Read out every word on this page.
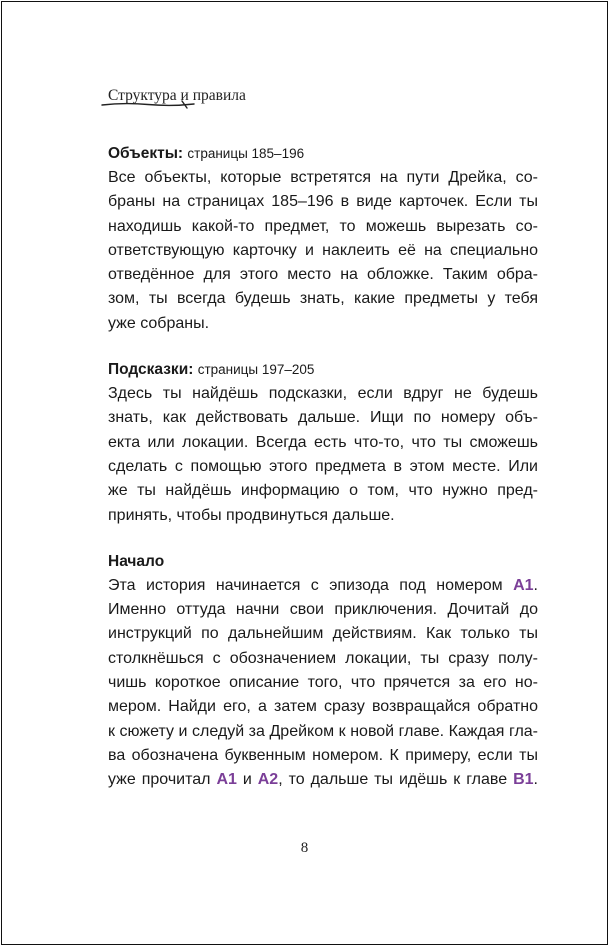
Структура и правила

Объекты: страницы 185–196

Все объекты, которые встретятся на пути Дрейка, со-
браны на страницах 185–196 в виде карточек. Если ты
находишь какой-то предмет, то можешь вырезать со-
ответствующую карточку и наклеить её на специально
отведённое для этого место на обложке. Таким обра-
зом, ты всегда будешь знать, какие предметы у тебя
уже собраны.

Подсказки: страницы 197–205

Здесь ты найдёшь подсказки, если вдруг не будешь
знать, как действовать дальше. Ищи по номеру объ-
екта или локации. Всегда есть что-то, что ты сможешь
сделать с помощью этого предмета в этом месте. Или
же ты найдёшь информацию о том, что нужно пред-
принять, чтобы продвинуться дальше.

Начало

Эта история начинается с эпизода под номером A1.
Именно оттуда начни свои приключения. Дочитай до
инструкций по дальнейшим действиям. Как только ты
столкнёшься с обозначением локации, ты сразу полу-
чишь короткое описание того, что прячется за его но-
мером. Найди его, а затем сразу возвращайся обратно
к сюжету и следуй за Дрейком к новой главе. Каждая гла-
ва обозначена буквенным номером. К примеру, если ты
уже прочитал A1 и A2, то дальше ты идёшь к главе B1.
8
